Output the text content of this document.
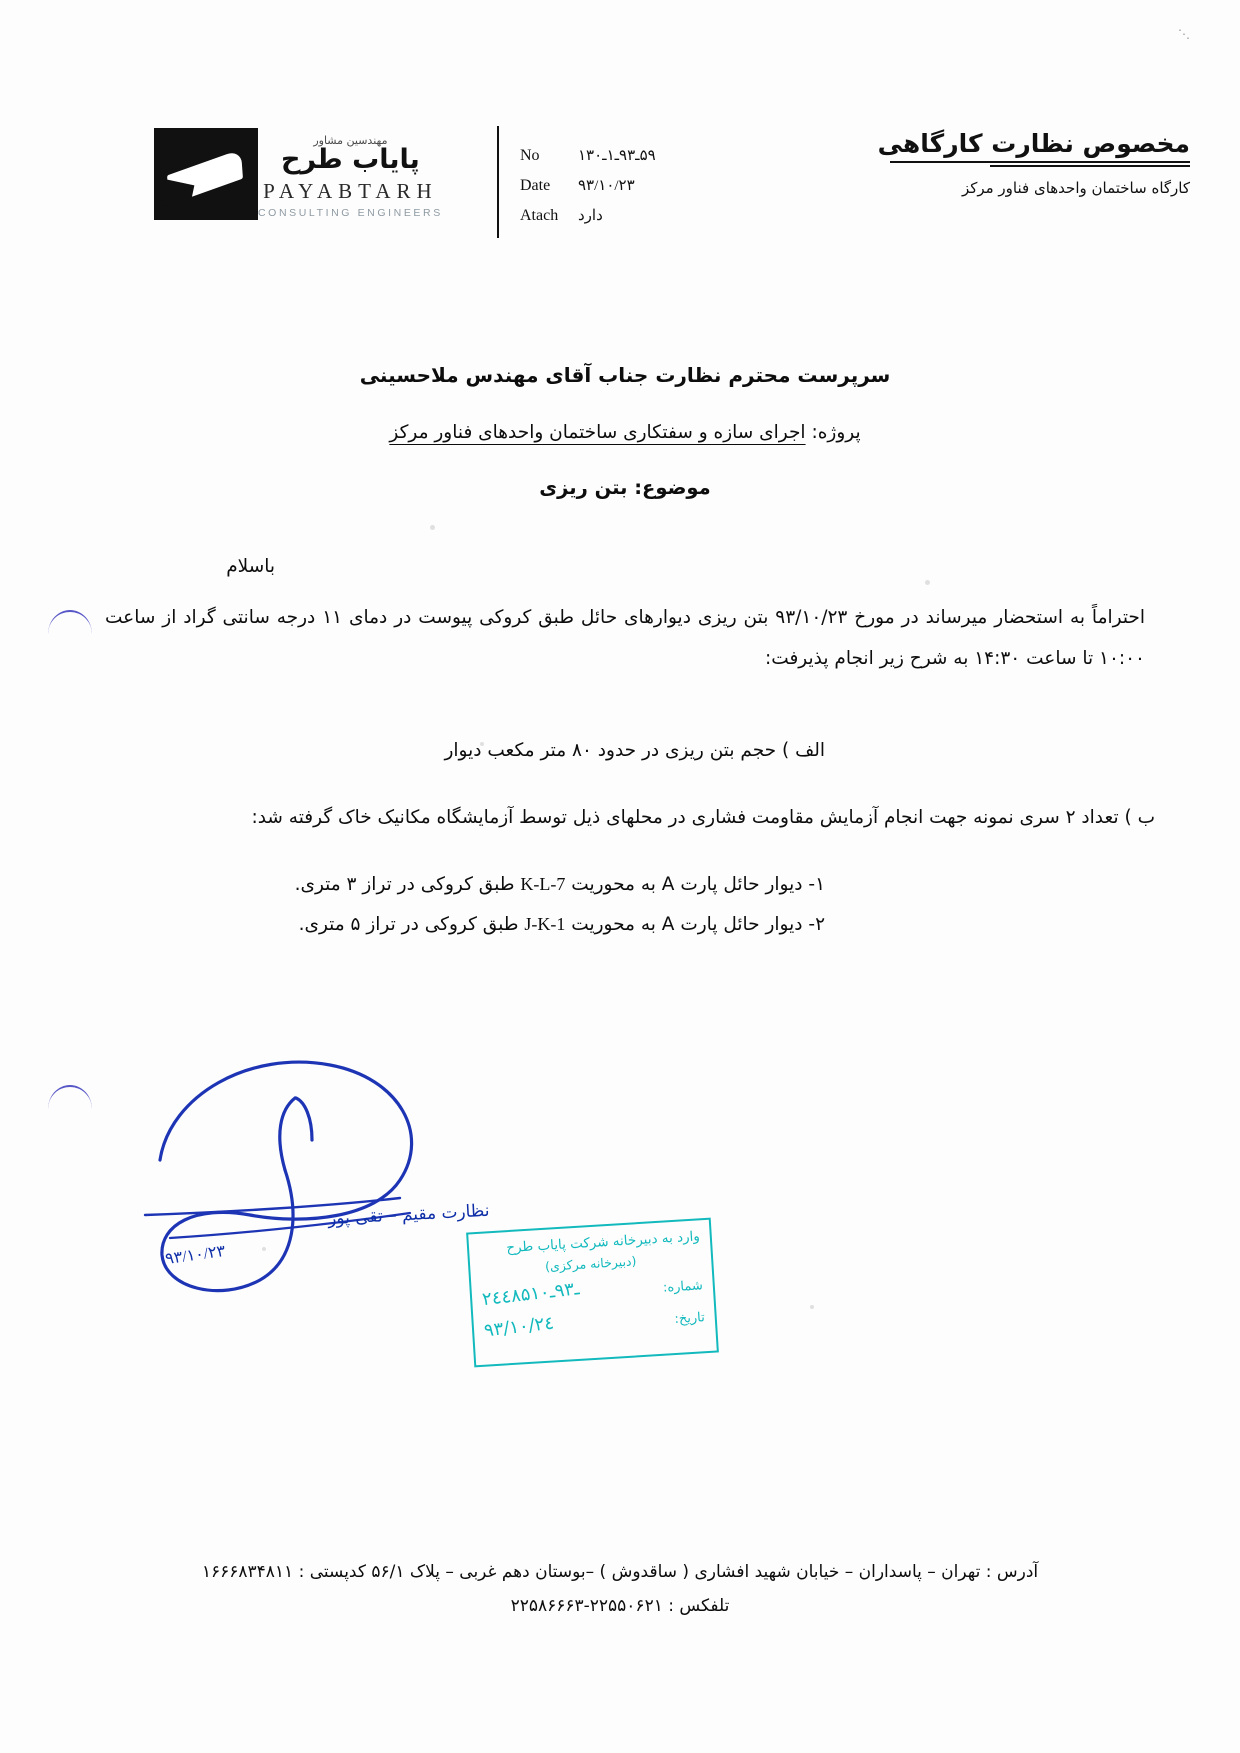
⋰
مهندسین مشاور
پایاب طرح
PAYABTARH
CONSULTING ENGINEERS
No	۵۹ـ۹۳ـ۱ـ۱۳۰
Date	۹۳/۱۰/۲۳
Atach	دارد
مخصوص نظارت کارگاهی
کارگاه ساختمان واحدهای فناور مرکز
سرپرست محترم نظارت جناب آقای مهندس ملاحسینی
پروژه: اجرای سازه و سفتکاری ساختمان واحدهای فناور مرکز
موضوع: بتن ریزی
باسلام
احتراماً به استحضار میرساند در مورخ ۹۳/۱۰/۲۳ بتن ریزی دیوارهای حائل طبق کروکی پیوست در دمای ۱۱ درجه سانتی گراد از ساعت ۱۰:۰۰ تا ساعت ۱۴:۳۰ به شرح زیر انجام پذیرفت:
الف ) حجم بتن ریزی در حدود ۸۰ متر مکعب دیوار
ب ) تعداد ۲ سری نمونه جهت انجام آزمایش مقاومت فشاری در محلهای ذیل توسط آزمایشگاه مکانیک خاک گرفته شد:
۱- دیوار حائل پارت A به محوریت K-L-7 طبق کروکی در تراز ۳ متری.
۲- دیوار حائل پارت A به محوریت J-K-1 طبق کروکی در تراز ۵ متری.
نظارت مقیم – تقی پور
۹۳/۱۰/۲۳	وارد به دبیرخانه شرکت پایاب طرح
(دبیرخانه مرکزی)
شماره:
۲٤٤٨۵ـ۹۳ـ۱۰
تاریخ:
۹۳/۱۰/۲٤
آدرس : تهران – پاسداران – خیابان شهید افشاری ( ساقدوش ) –بوستان دهم غربی – پلاک ۵۶/۱ کدپستی : ۱۶۶۶۸۳۴۸۱۱
تلفکس : ۲۲۵۵۰۶۲۱-۲۲۵۸۶۶۶۳
